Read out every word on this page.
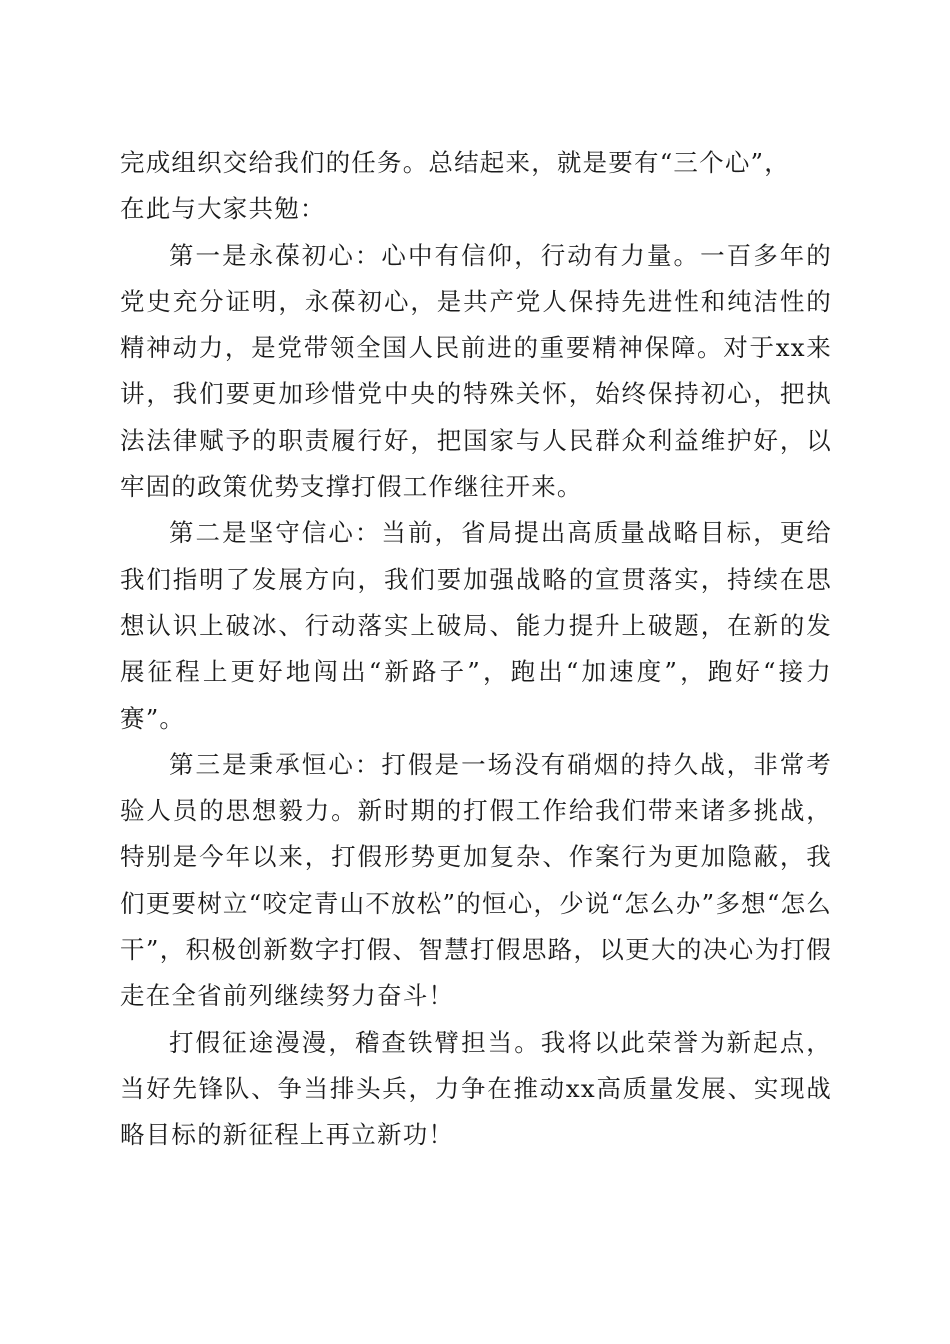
完成组织交给我们的任务。总结起来，就是要有“三个心”，
在此与大家共勉：

第一是永葆初心：心中有信仰，行动有力量。一百多年的党史充分证明，永葆初心，是共产党人保持先进性和纯洁性的精神动力，是党带领全国人民前进的重要精神保障。对于xx来讲，我们要更加珍惜党中央的特殊关怀，始终保持初心，把执法法律赋予的职责履行好，把国家与人民群众利益维护好，以牢固的政策优势支撑打假工作继往开来。

第二是坚守信心：当前，省局提出高质量战略目标，更给我们指明了发展方向，我们要加强战略的宣贯落实，持续在思想认识上破冰、行动落实上破局、能力提升上破题，在新的发展征程上更好地闯出“新路子”，跑出“加速度”，跑好“接力赛”。

第三是秉承恒心：打假是一场没有硝烟的持久战，非常考验人员的思想毅力。新时期的打假工作给我们带来诸多挑战，特别是今年以来，打假形势更加复杂、作案行为更加隐蔽，我们更要树立“咬定青山不放松”的恒心，少说“怎么办”多想“怎么干”，积极创新数字打假、智慧打假思路，以更大的决心为打假走在全省前列继续努力奋斗！

打假征途漫漫，稽查铁臂担当。我将以此荣誉为新起点，当好先锋队、争当排头兵，力争在推动xx高质量发展、实现战略目标的新征程上再立新功！
